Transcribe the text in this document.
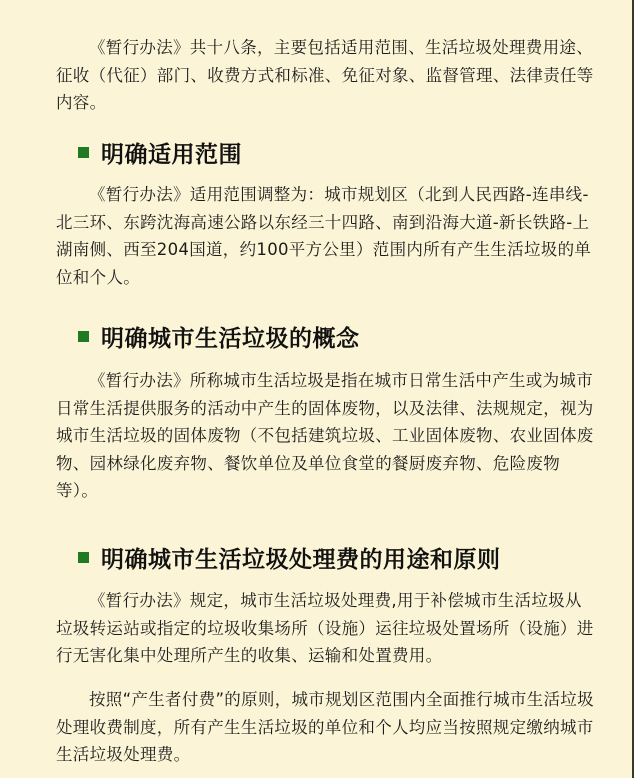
《暂行办法》共十八条，主要包括适用范围、生活垃圾处理费用途、征收（代征）部门、收费方式和标准、免征对象、监督管理、法律责任等内容。

明确适用范围

《暂行办法》适用范围调整为：城市规划区（北到人民西路-连串线-北三环、东跨沈海高速公路以东经三十四路、南到沿海大道-新长铁路-上湖南侧、西至204国道，约100平方公里）范围内所有产生生活垃圾的单位和个人。

明确城市生活垃圾的概念

《暂行办法》所称城市生活垃圾是指在城市日常生活中产生或为城市日常生活提供服务的活动中产生的固体废物，以及法律、法规规定，视为城市生活垃圾的固体废物（不包括建筑垃圾、工业固体废物、农业固体废物、园林绿化废弃物、餐饮单位及单位食堂的餐厨废弃物、危险废物等）。

明确城市生活垃圾处理费的用途和原则

《暂行办法》规定，城市生活垃圾处理费,用于补偿城市生活垃圾从垃圾转运站或指定的垃圾收集场所（设施）运往垃圾处置场所（设施）进行无害化集中处理所产生的收集、运输和处置费用。

按照“产生者付费”的原则，城市规划区范围内全面推行城市生活垃圾处理收费制度，所有产生生活垃圾的单位和个人均应当按照规定缴纳城市生活垃圾处理费。
